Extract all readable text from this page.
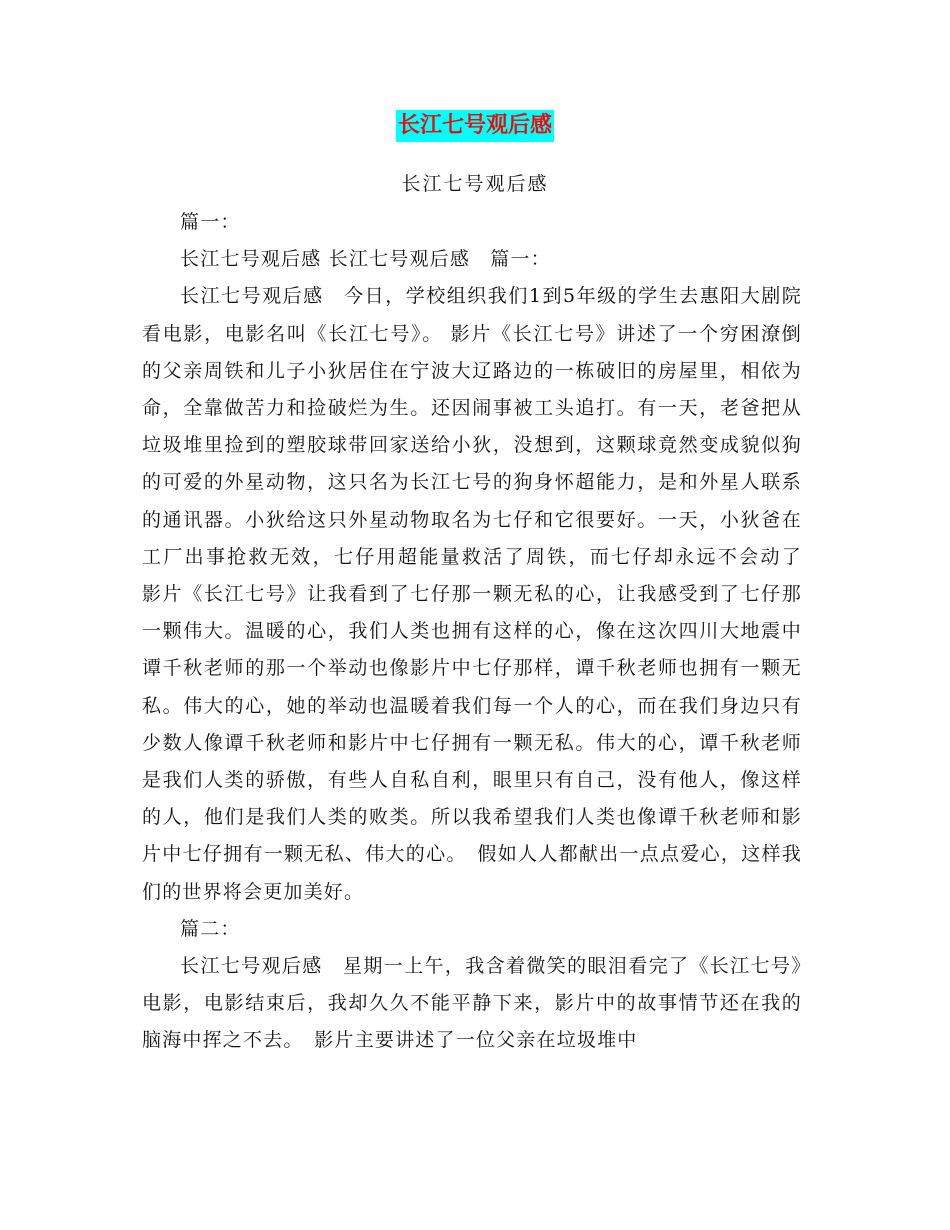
长江七号观后感
长江七号观后感

篇一：

长江七号观后感 长江七号观后感　篇一：

长江七号观后感　今日，学校组织我们1到5年级的学生去惠阳大剧院看电影，电影名叫《长江七号》。 影片《长江七号》讲述了一个穷困潦倒的父亲周铁和儿子小狄居住在宁波大辽路边的一栋破旧的房屋里，相依为命，全靠做苦力和捡破烂为生。还因闹事被工头追打。有一天，老爸把从垃圾堆里捡到的塑胶球带回家送给小狄，没想到，这颗球竟然变成貌似狗的可爱的外星动物，这只名为长江七号的狗身怀超能力，是和外星人联系的通讯器。小狄给这只外星动物取名为七仔和它很要好。一天，小狄爸在工厂出事抢救无效，七仔用超能量救活了周铁，而七仔却永远不会动了　影片《长江七号》让我看到了七仔那一颗无私的心，让我感受到了七仔那一颗伟大。温暖的心，我们人类也拥有这样的心，像在这次四川大地震中谭千秋老师的那一个举动也像影片中七仔那样，谭千秋老师也拥有一颗无私。伟大的心，她的举动也温暖着我们每一个人的心，而在我们身边只有少数人像谭千秋老师和影片中七仔拥有一颗无私。伟大的心，谭千秋老师是我们人类的骄傲，有些人自私自利，眼里只有自己，没有他人，像这样的人，他们是我们人类的败类。所以我希望我们人类也像谭千秋老师和影片中七仔拥有一颗无私、伟大的心。　假如人人都献出一点点爱心，这样我们的世界将会更加美好。

篇二：

长江七号观后感　星期一上午，我含着微笑的眼泪看完了《长江七号》电影，电影结束后，我却久久不能平静下来，影片中的故事情节还在我的脑海中挥之不去。　影片主要讲述了一位父亲在垃圾堆中
